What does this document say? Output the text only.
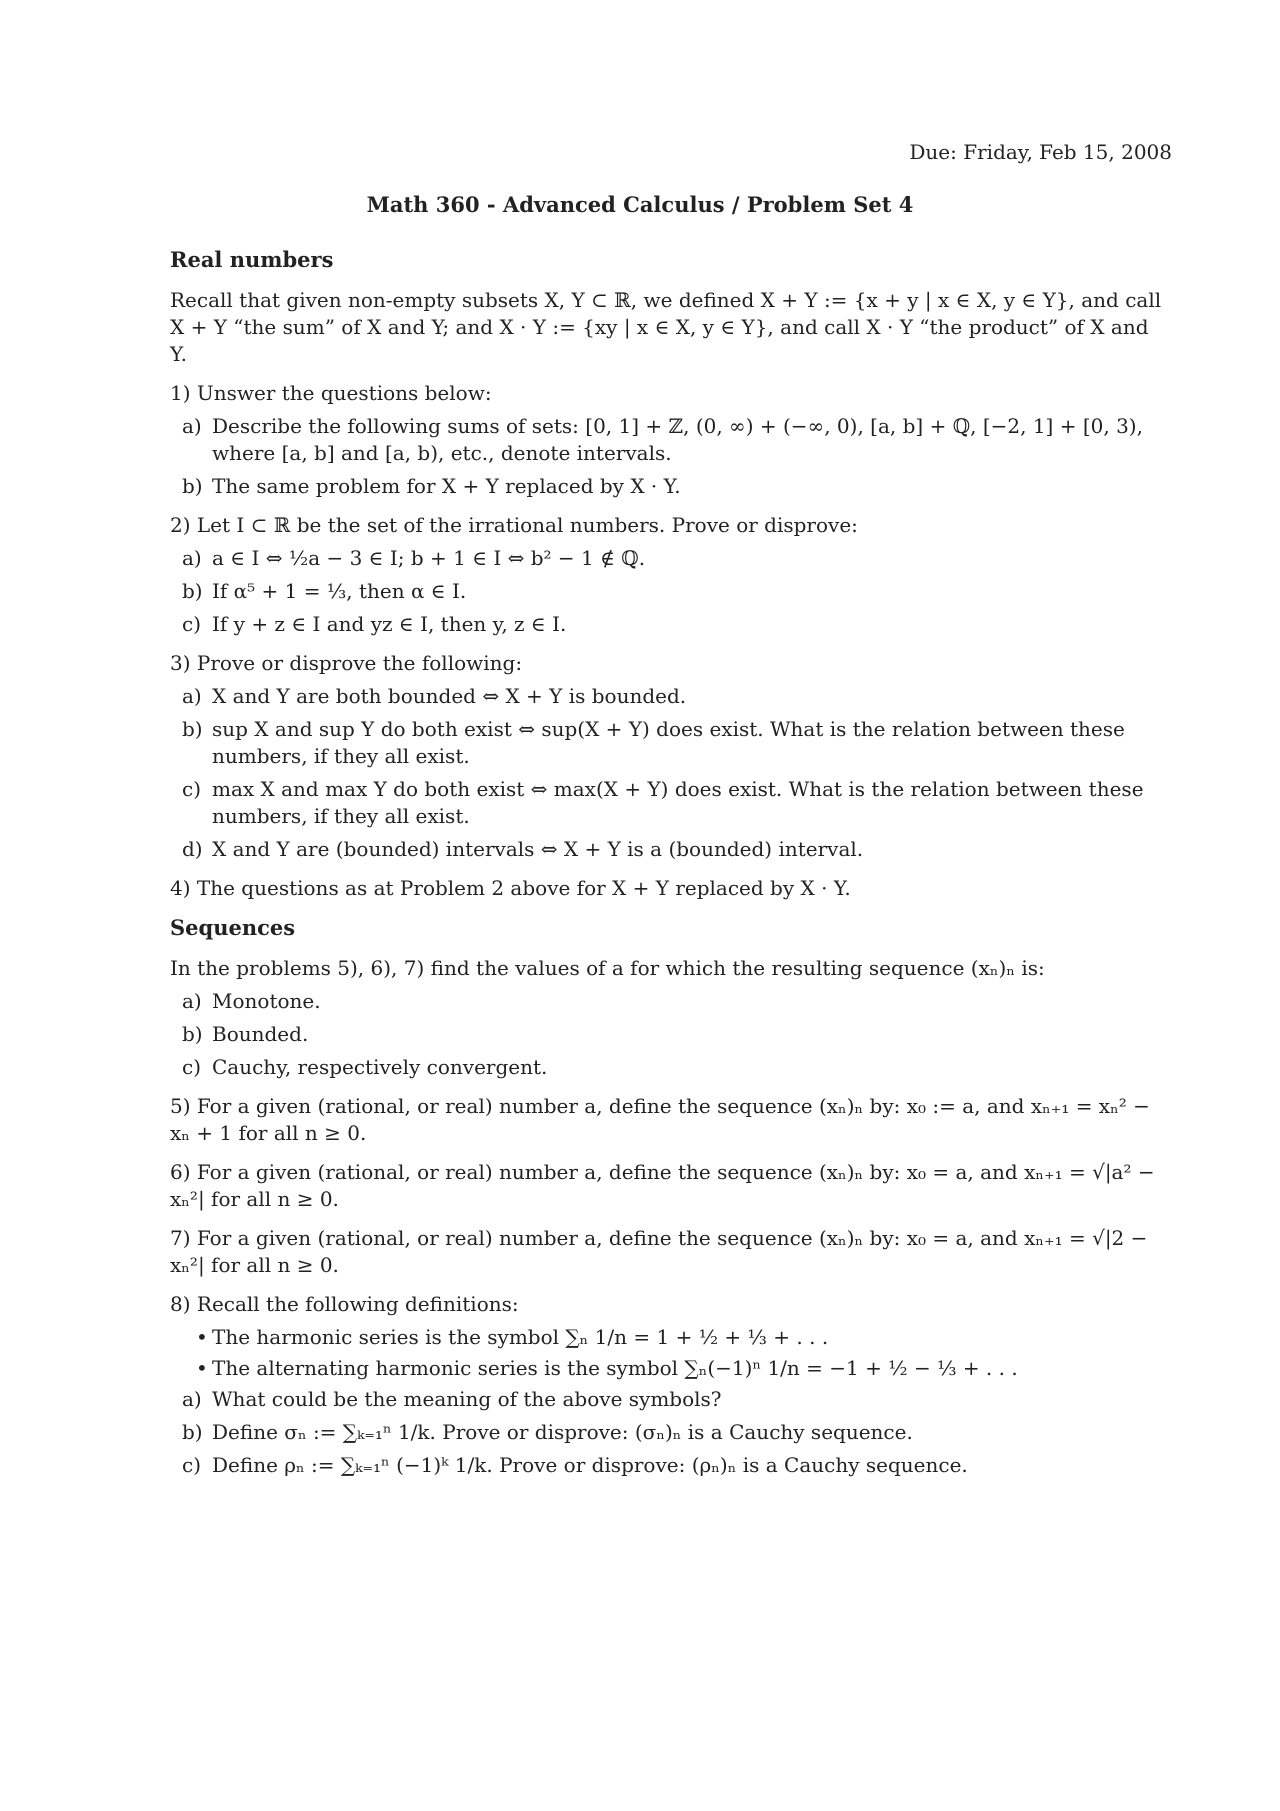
Due: Friday, Feb 15, 2008
Math 360 - Advanced Calculus / Problem Set 4
Real numbers
Recall that given non-empty subsets X, Y ⊂ ℝ, we defined X + Y := {x + y | x ∈ X, y ∈ Y}, and call X + Y “the sum” of X and Y; and X · Y := {xy | x ∈ X, y ∈ Y}, and call X · Y “the product” of X and Y.
1) Unswer the questions below:
a) Describe the following sums of sets: [0, 1] + ℤ, (0, ∞) + (−∞, 0), [a, b] + ℚ, [−2, 1] + [0, 3), where [a, b] and [a, b), etc., denote intervals.
b) The same problem for X + Y replaced by X · Y.
2) Let I ⊂ ℝ be the set of the irrational numbers. Prove or disprove:
a) a ∈ I ⇔ ½a − 3 ∈ I; b + 1 ∈ I ⇔ b² − 1 ∉ ℚ.
b) If α⁵ + 1 = ⅓, then α ∈ I.
c) If y + z ∈ I and yz ∈ I, then y, z ∈ I.
3) Prove or disprove the following:
a) X and Y are both bounded ⇔ X + Y is bounded.
b) sup X and sup Y do both exist ⇔ sup(X + Y) does exist. What is the relation between these numbers, if they all exist.
c) max X and max Y do both exist ⇔ max(X + Y) does exist. What is the relation between these numbers, if they all exist.
d) X and Y are (bounded) intervals ⇔ X + Y is a (bounded) interval.
4) The questions as at Problem 2 above for X + Y replaced by X · Y.
Sequences
In the problems 5), 6), 7) find the values of a for which the resulting sequence (xₙ)ₙ is:
a) Monotone.
b) Bounded.
c) Cauchy, respectively convergent.
5) For a given (rational, or real) number a, define the sequence (xₙ)ₙ by: x₀ := a, and xₙ₊₁ = xₙ² − xₙ + 1 for all n ≥ 0.
6) For a given (rational, or real) number a, define the sequence (xₙ)ₙ by: x₀ = a, and xₙ₊₁ = √|a² − xₙ²| for all n ≥ 0.
7) For a given (rational, or real) number a, define the sequence (xₙ)ₙ by: x₀ = a, and xₙ₊₁ = √|2 − xₙ²| for all n ≥ 0.
8) Recall the following definitions:
• The harmonic series is the symbol ∑ₙ 1/n = 1 + ½ + ⅓ + . . .
• The alternating harmonic series is the symbol ∑ₙ(−1)ⁿ 1/n = −1 + ½ − ⅓ + . . .
a) What could be the meaning of the above symbols?
b) Define σₙ := ∑ₖ₌₁ⁿ 1/k. Prove or disprove: (σₙ)ₙ is a Cauchy sequence.
c) Define ρₙ := ∑ₖ₌₁ⁿ (−1)ᵏ 1/k. Prove or disprove: (ρₙ)ₙ is a Cauchy sequence.
